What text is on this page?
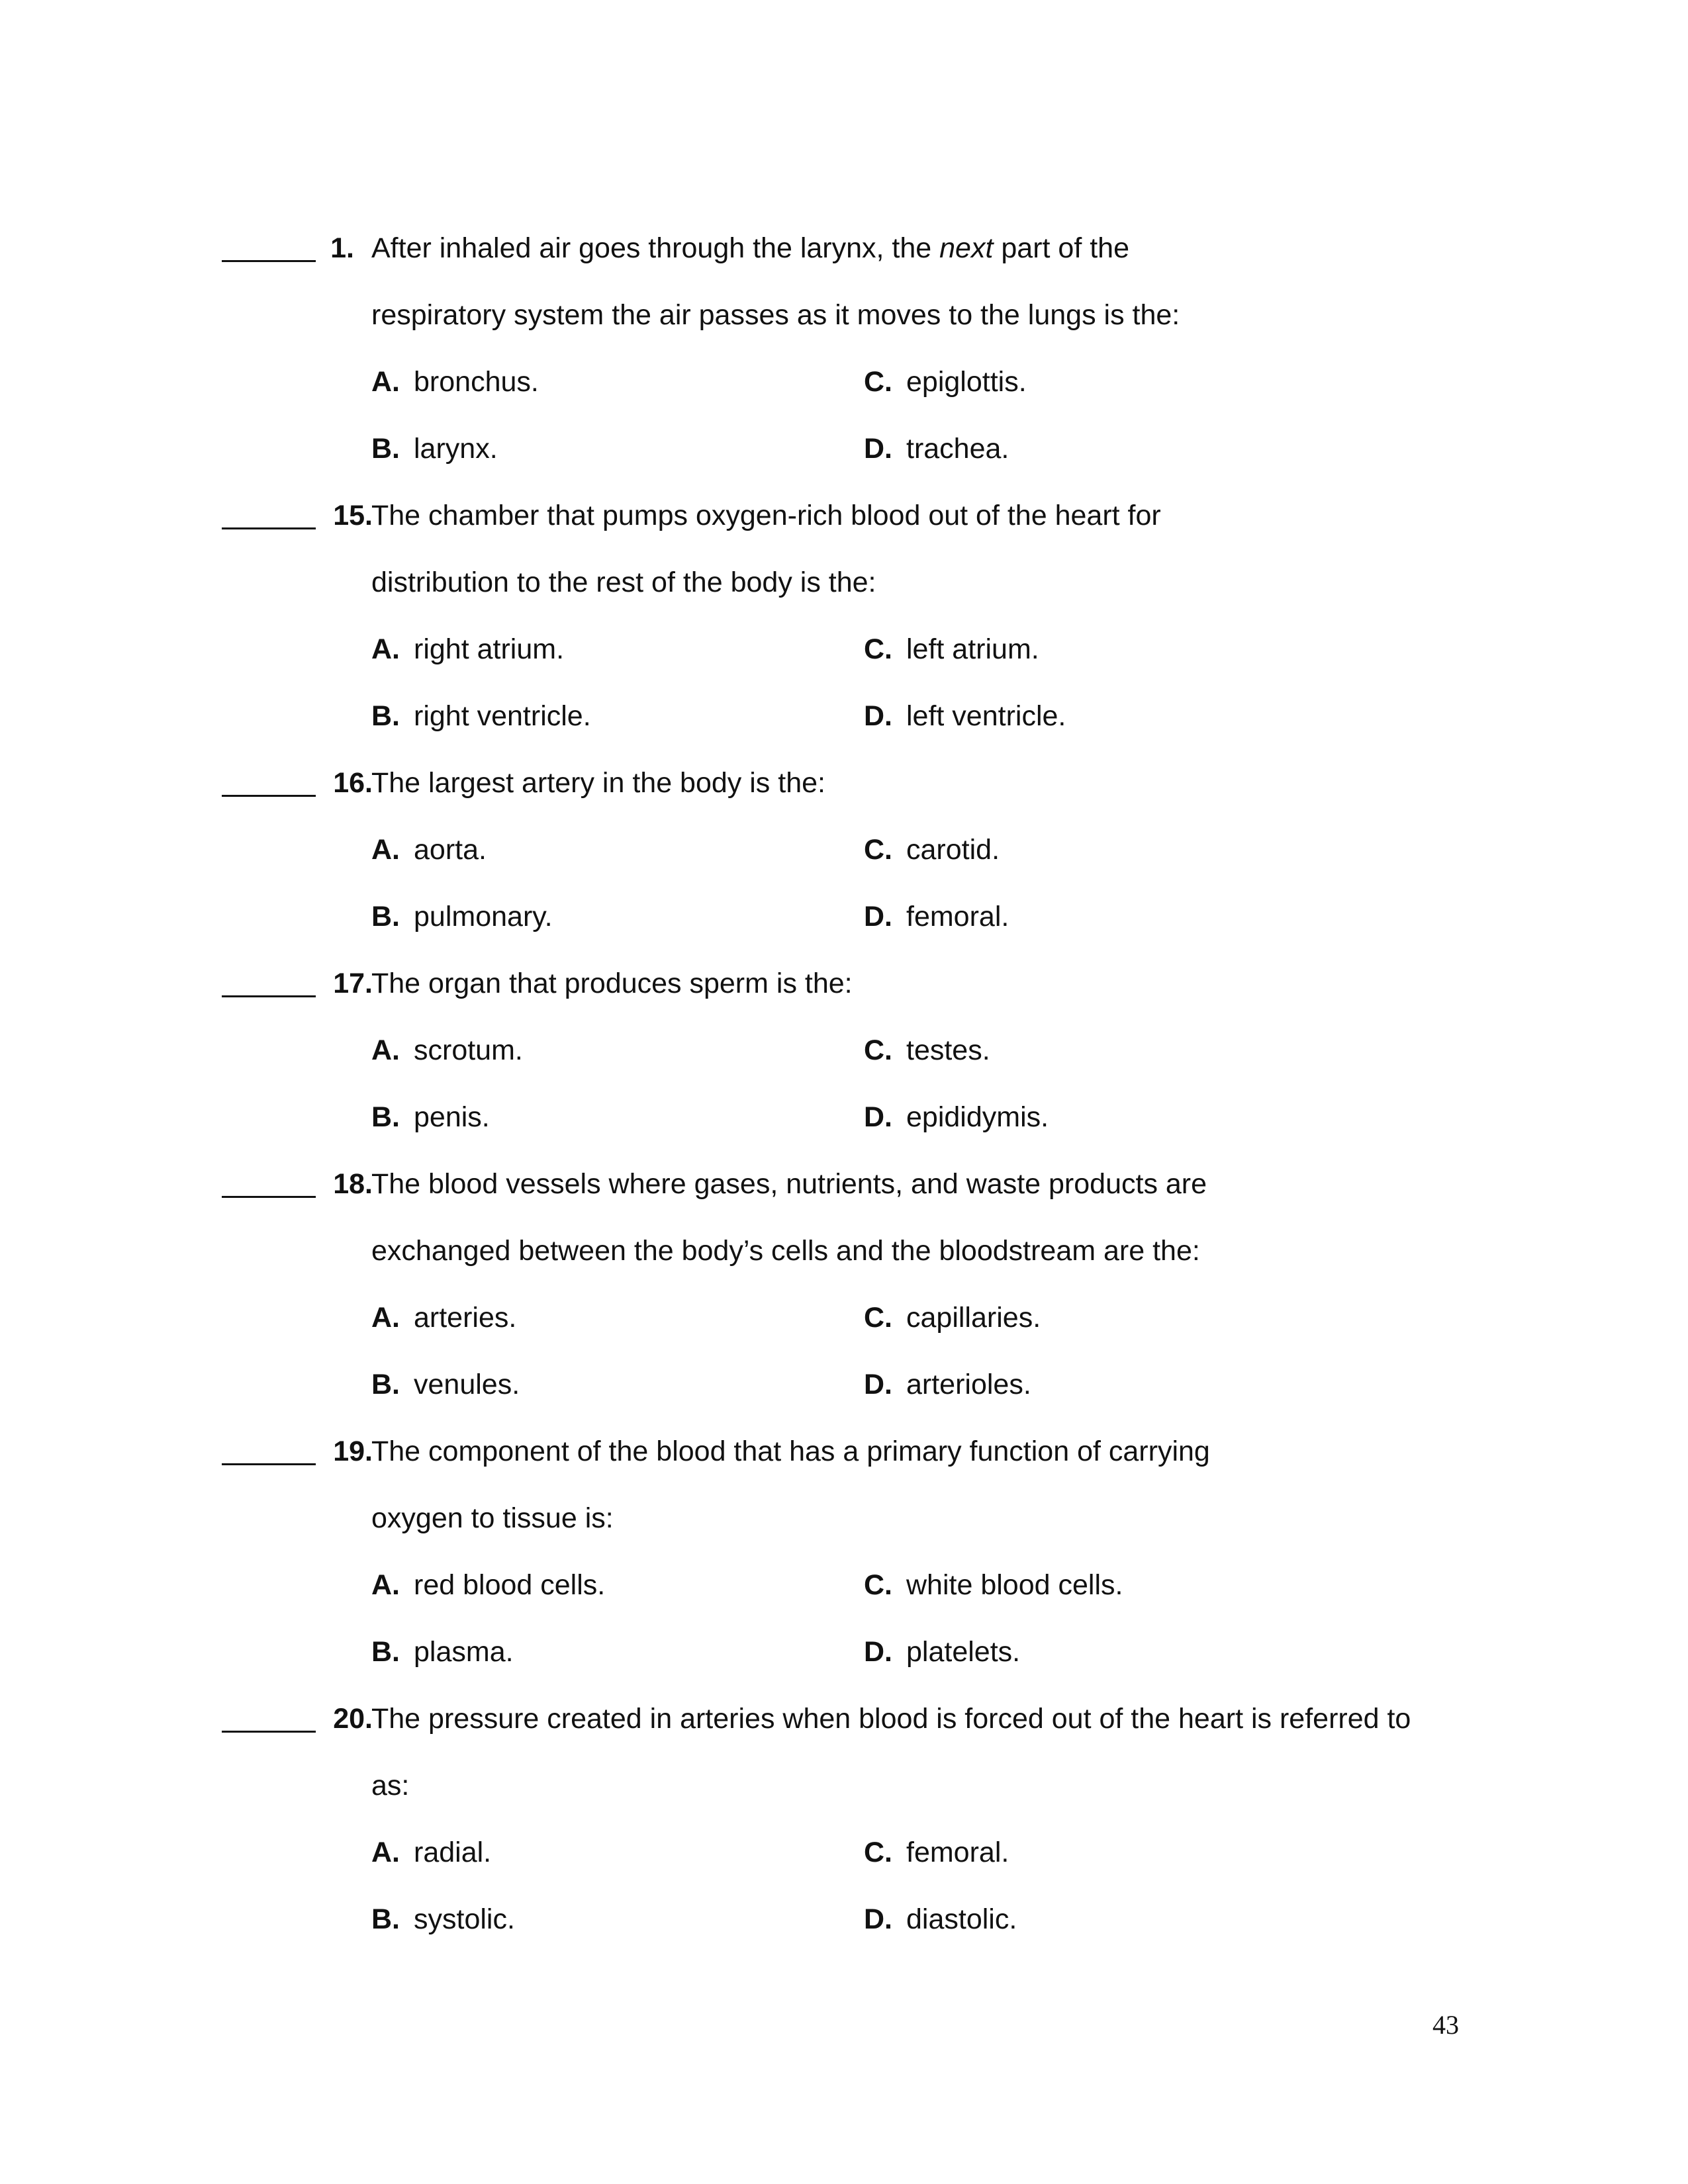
1. After inhaled air goes through the larynx, the next part of the
respiratory system the air passes as it moves to the lungs is the:
A. bronchus.	C. epiglottis.
B. larynx.	D. trachea.
15.
The chamber that pumps oxygen-rich blood out of the heart for
distribution to the rest of the body is the:
A. right atrium.	C. left atrium.
B. right ventricle.	D. left ventricle.
16.
The largest artery in the body is the:
A. aorta.	C. carotid.
B. pulmonary.	D. femoral.
17.
The organ that produces sperm is the:
A. scrotum.	C. testes.
B. penis.	D. epididymis.
18.
The blood vessels where gases, nutrients, and waste products are
exchanged between the body’s cells and the bloodstream are the:
A. arteries.	C. capillaries.
B. venules.	D. arterioles.
19.
The component of the blood that has a primary function of carrying
oxygen to tissue is:
A. red blood cells.	C. white blood cells.
B. plasma.	D. platelets.
20.
The pressure created in arteries when blood is forced out of the heart is referred to
as:
A. radial.	C. femoral.
B. systolic.	D. diastolic.
43
